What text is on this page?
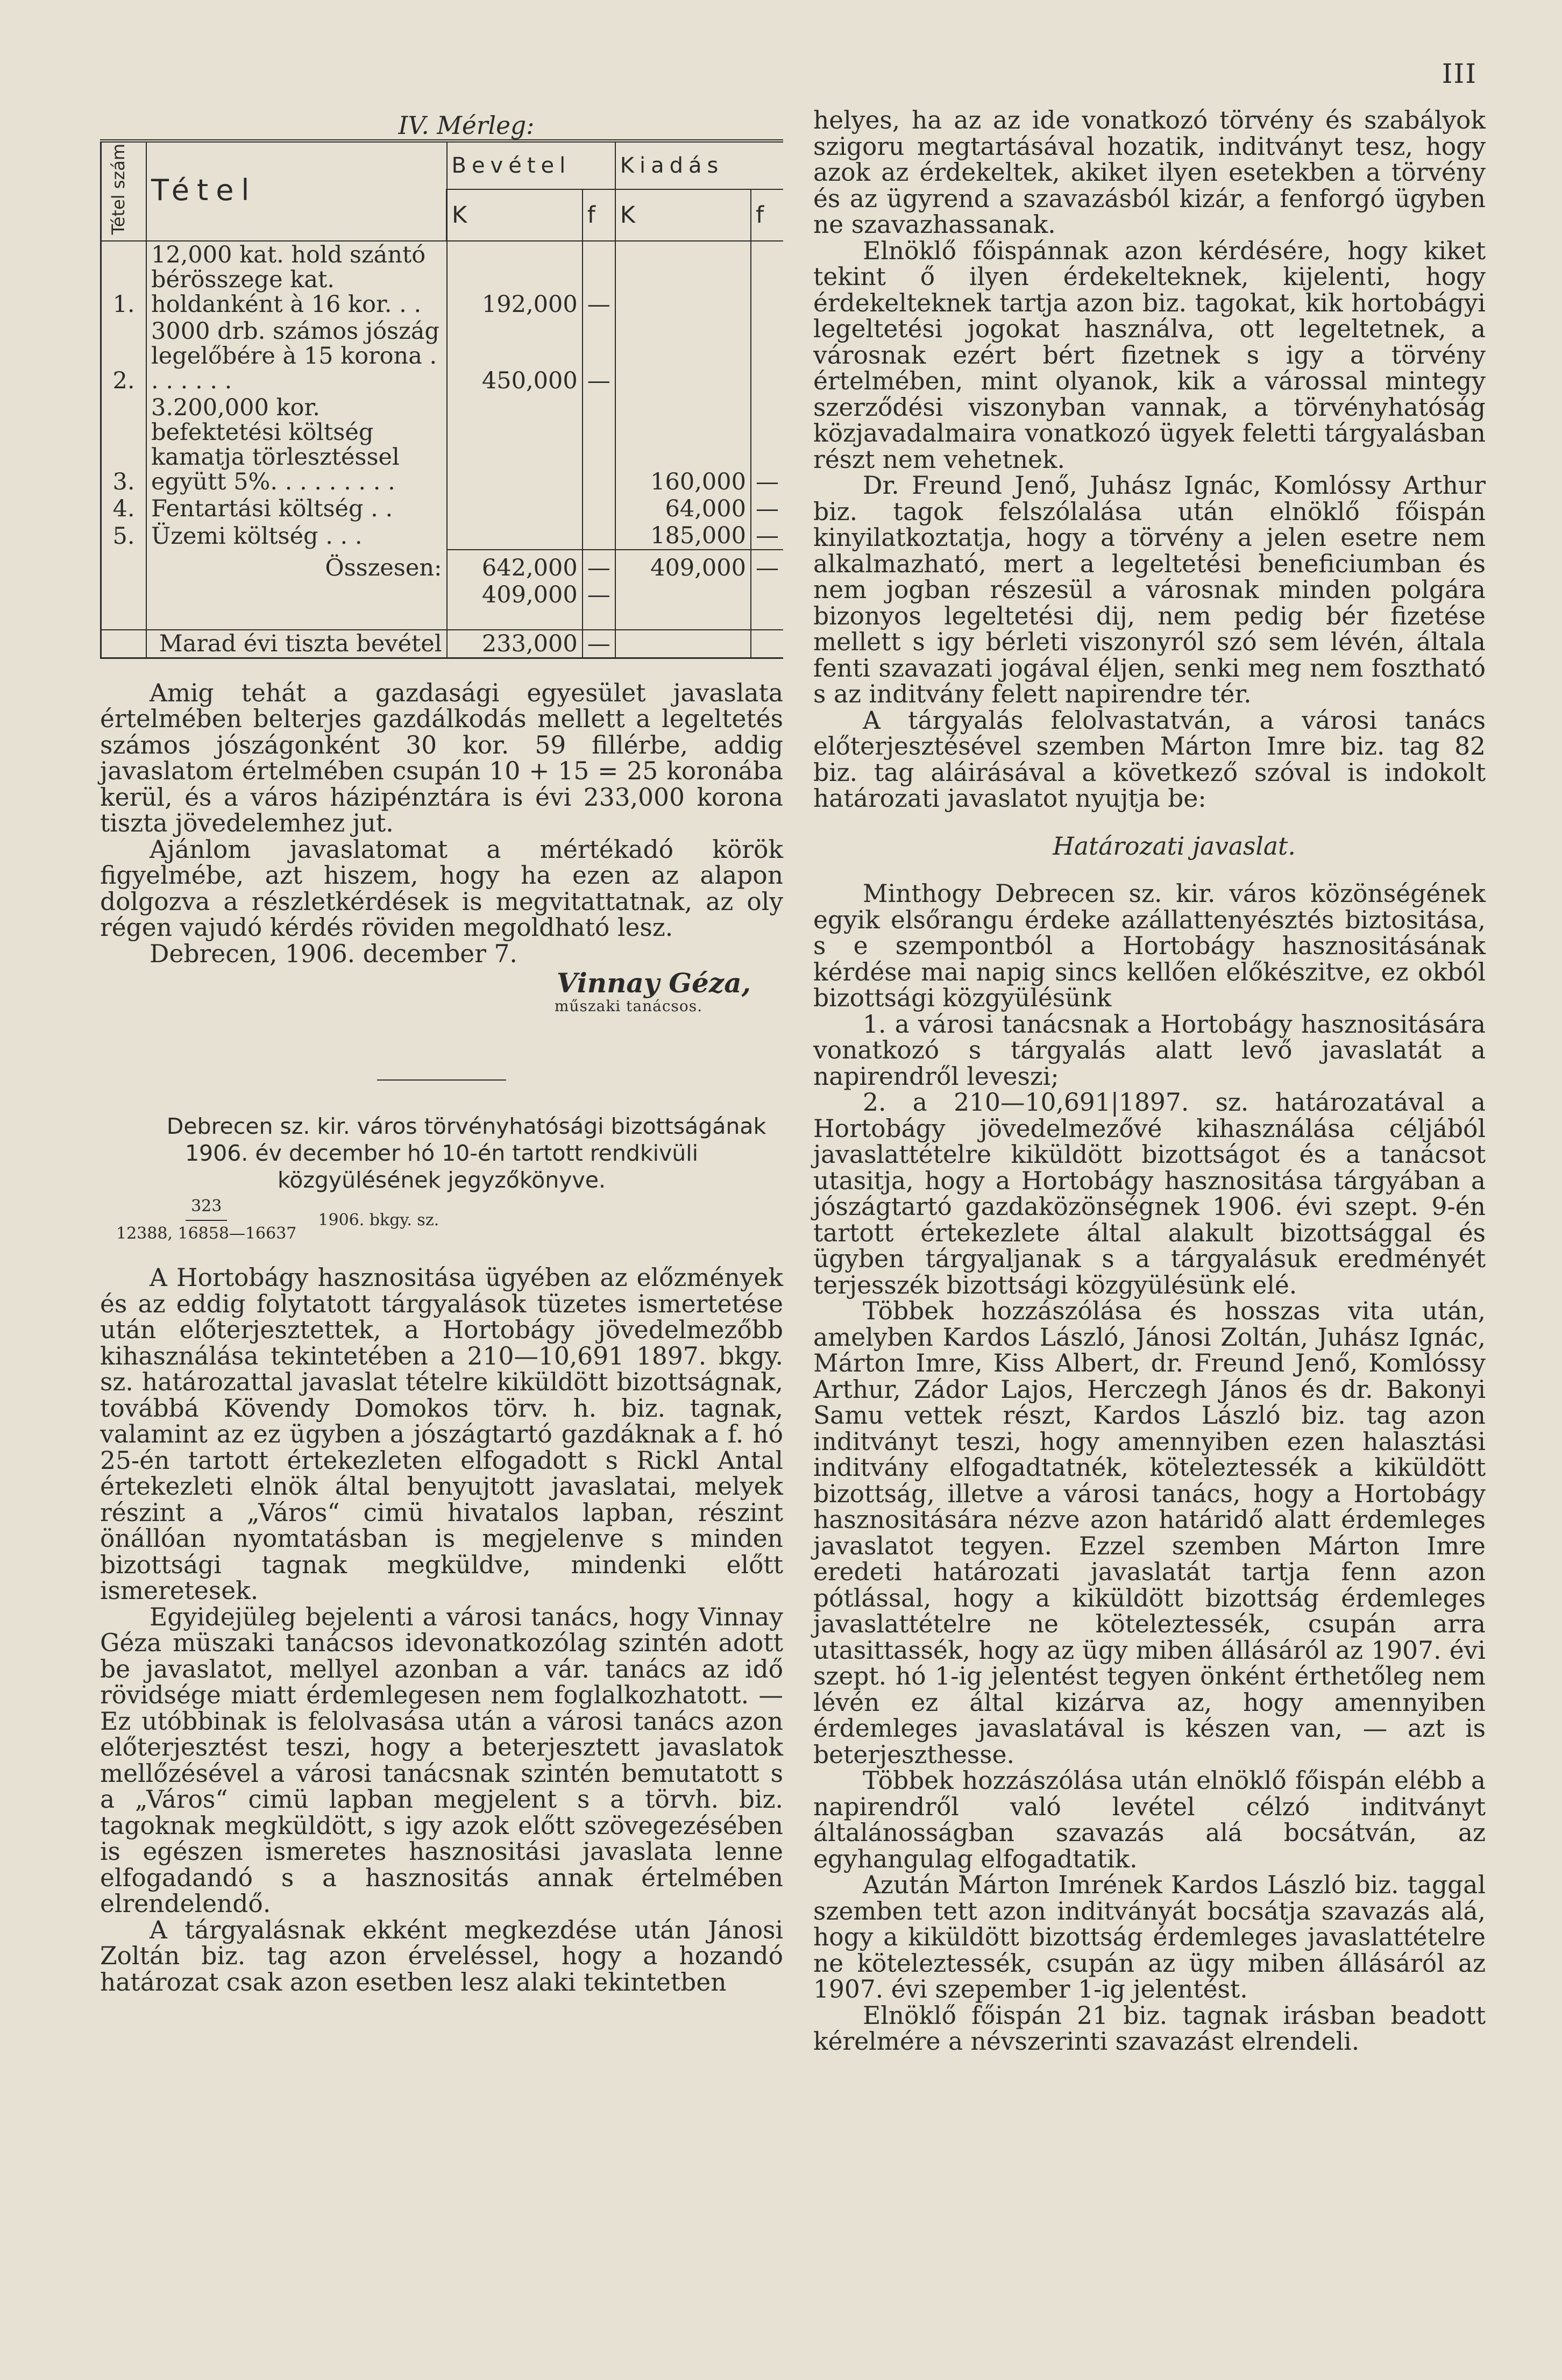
III

IV. Mérleg:

Tétel szám	Tétel	Bevétel		Kiadás	
		K	f	K	f
1.	12,000 kat. hold szántó bérösszege kat. holdanként à 16 kor. . .	192,000	—		
2.	3000 drb. számos jószág legelőbére à 15 korona . . . . . . .	450,000	—		
3.	3.200,000 kor. befektetési költség kamatja törlesztéssel együtt 5%. . . . . . . . .			160,000	—
4.	Fentartási költség . .			64,000	—
5.	Üzemi költség . . .			185,000	—
	Összesen:	642,000	—	409,000	—
		409,000	—		

	Marad évi tiszta bevétel	233,000	—		

Amig tehát a gazdasági egyesület javaslata értelmében belterjes gazdálkodás mellett a legeltetés számos jószágonként 30 kor. 59 fillérbe, addig javaslatom értelmében csupán 10 + 15 = 25 koronába kerül, és a város házipénztára is évi 233,000 korona tiszta jövedelemhez jut.

Ajánlom javaslatomat a mértékadó körök figyelmébe, azt hiszem, hogy ha ezen az alapon dolgozva a részletkérdések is megvitattatnak, az oly régen vajudó kérdés röviden megoldható lesz.

Debrecen, 1906. december 7.

Vinnay Géza,
műszaki tanácsos.

Debrecen sz. kir. város törvényhatósági bizottságának 1906. év december hó 10-én tartott rendkivüli közgyülésének jegyzőkönyve.

$\frac{323}{12388, 16858—16637} 1906$. bkgy. sz.

A Hortobágy hasznositása ügyében az előzmények és az eddig folytatott tárgyalások tüzetes ismertetése után előterjesztettek, a Hortobágy jövedelmezőbb kihasználása tekintetében a 210—10,691 1897. bkgy. sz. határozattal javaslat tételre kiküldött bizottságnak, továbbá Kövendy Domokos törv. h. biz. tagnak, valamint az ez ügyben a jószágtartó gazdáknak a f. hó 25-én tartott értekezleten elfogadott s Rickl Antal értekezleti elnök által benyujtott javaslatai, melyek részint a „Város“ cimü hivatalos lapban, részint önállóan nyomtatásban is megjelenve s minden bizottsági tagnak megküldve, mindenki előtt ismeretesek.

Egyidejüleg bejelenti a városi tanács, hogy Vinnay Géza müszaki tanácsos idevonatkozólag szintén adott be javaslatot, mellyel azonban a vár. tanács az idő rövidsége miatt érdemlegesen nem foglalkozhatott. — Ez utóbbinak is felolvasása után a városi tanács azon előterjesztést teszi, hogy a beterjesztett javaslatok mellőzésével a városi tanácsnak szintén bemutatott s a „Város“ cimü lapban megjelent s a törvh. biz. tagoknak megküldött, s igy azok előtt szövegezésében is egészen ismeretes hasznositási javaslata lenne elfogadandó s a hasznositás annak értelmében elrendelendő.

A tárgyalásnak ekként megkezdése után Jánosi Zoltán biz. tag azon érveléssel, hogy a hozandó határozat csak azon esetben lesz alaki tekintetben

helyes, ha az az ide vonatkozó törvény és szabályok szigoru megtartásával hozatik, inditványt tesz, hogy azok az érdekeltek, akiket ilyen esetekben a törvény és az ügyrend a szavazásból kizár, a fenforgó ügyben ne szavazhassanak.

Elnöklő főispánnak azon kérdésére, hogy kiket tekint ő ilyen érdekelteknek, kijelenti, hogy érdekelteknek tartja azon biz. tagokat, kik hortobágyi legeltetési jogokat használva, ott legeltetnek, a városnak ezért bért fizetnek s igy a törvény értelmében, mint olyanok, kik a várossal mintegy szerződési viszonyban vannak, a törvényhatóság közjavadalmaira vonatkozó ügyek feletti tárgyalásban részt nem vehetnek.

Dr. Freund Jenő, Juhász Ignác, Komlóssy Arthur biz. tagok felszólalása után elnöklő főispán kinyilatkoztatja, hogy a törvény a jelen esetre nem alkalmazható, mert a legeltetési beneficiumban és nem jogban részesül a városnak minden polgára bizonyos legeltetési dij, nem pedig bér fizetése mellett s igy bérleti viszonyról szó sem lévén, általa fenti szavazati jogával éljen, senki meg nem fosztható s az inditvány felett napirendre tér.

A tárgyalás felolvastatván, a városi tanács előterjesztésével szemben Márton Imre biz. tag 82 biz. tag aláirásával a következő szóval is indokolt határozati javaslatot nyujtja be:

Határozati javaslat.

Minthogy Debrecen sz. kir. város közönségének egyik elsőrangu érdeke azállattenyésztés biztositása, s e szempontból a Hortobágy hasznositásának kérdése mai napig sincs kellően előkészitve, ez okból bizottsági közgyülésünk

1. a városi tanácsnak a Hortobágy hasznositására vonatkozó s tárgyalás alatt levő javaslatát a napirendről leveszi;

2. a 210—10,691|1897. sz. határozatával a Hortobágy jövedelmezővé kihasználása céljából javaslattételre kiküldött bizottságot és a tanácsot utasitja, hogy a Hortobágy hasznositása tárgyában a jószágtartó gazdaközönségnek 1906. évi szept. 9-én tartott értekezlete által alakult bizottsággal és ügyben tárgyaljanak s a tárgyalásuk eredményét terjesszék bizottsági közgyülésünk elé.

Többek hozzászólása és hosszas vita után, amelyben Kardos László, Jánosi Zoltán, Juhász Ignác, Márton Imre, Kiss Albert, dr. Freund Jenő, Komlóssy Arthur, Zádor Lajos, Herczegh János és dr. Bakonyi Samu vettek részt, Kardos László biz. tag azon inditványt teszi, hogy amennyiben ezen halasztási inditvány elfogadtatnék, köteleztessék a kiküldött bizottság, illetve a városi tanács, hogy a Hortobágy hasznositására nézve azon határidő alatt érdemleges javaslatot tegyen. Ezzel szemben Márton Imre eredeti határozati javaslatát tartja fenn azon pótlással, hogy a kiküldött bizottság érdemleges javaslattételre ne köteleztessék, csupán arra utasittassék, hogy az ügy miben állásáról az 1907. évi szept. hó 1-ig jelentést tegyen önként érthetőleg nem lévén ez által kizárva az, hogy amennyiben érdemleges javaslatával is készen van, — azt is beterjeszthesse.

Többek hozzászólása után elnöklő főispán elébb a napirendről való levétel célzó inditványt általánosságban szavazás alá bocsátván, az egyhangulag elfogadtatik.

Azután Márton Imrének Kardos László biz. taggal szemben tett azon inditványát bocsátja szavazás alá, hogy a kiküldött bizottság érdemleges javaslattételre ne köteleztessék, csupán az ügy miben állásáról az 1907. évi szepember 1-ig jelentést.

Elnöklő főispán 21 biz. tagnak irásban beadott kérelmére a névszerinti szavazást elrendeli.
